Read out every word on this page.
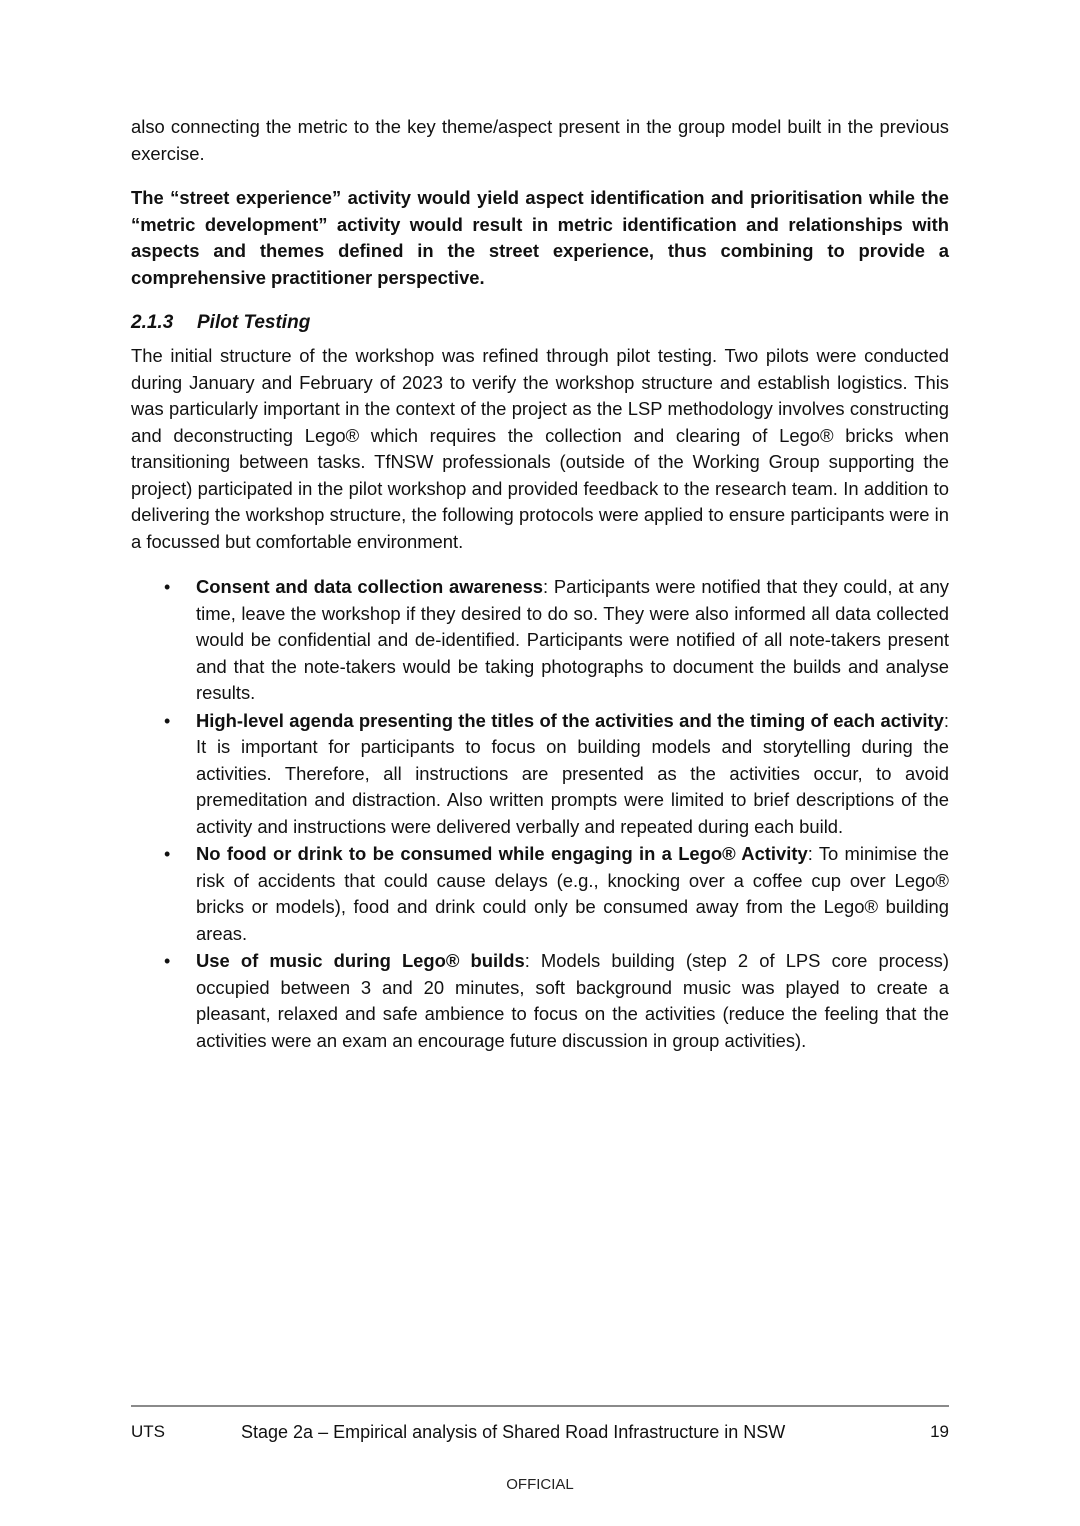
also connecting the metric to the key theme/aspect present in the group model built in the previous exercise.

The “street experience” activity would yield aspect identification and prioritisation while the “metric development” activity would result in metric identification and relationships with aspects and themes defined in the street experience, thus combining to provide a comprehensive practitioner perspective.

2.1.3 Pilot Testing

The initial structure of the workshop was refined through pilot testing. Two pilots were conducted during January and February of 2023 to verify the workshop structure and establish logistics. This was particularly important in the context of the project as the LSP methodology involves constructing and deconstructing Lego® which requires the collection and clearing of Lego® bricks when transitioning between tasks. TfNSW professionals (outside of the Working Group supporting the project) participated in the pilot workshop and provided feedback to the research team. In addition to delivering the workshop structure, the following protocols were applied to ensure participants were in a focussed but comfortable environment.

• Consent and data collection awareness: Participants were notified that they could, at any time, leave the workshop if they desired to do so. They were also informed all data collected would be confidential and de-identified. Participants were notified of all note-takers present and that the note-takers would be taking photographs to document the builds and analyse results.
• High-level agenda presenting the titles of the activities and the timing of each activity: It is important for participants to focus on building models and storytelling during the activities. Therefore, all instructions are presented as the activities occur, to avoid premeditation and distraction. Also written prompts were limited to brief descriptions of the activity and instructions were delivered verbally and repeated during each build.
• No food or drink to be consumed while engaging in a Lego® Activity: To minimise the risk of accidents that could cause delays (e.g., knocking over a coffee cup over Lego® bricks or models), food and drink could only be consumed away from the Lego® building areas.
• Use of music during Lego® builds: Models building (step 2 of LPS core process) occupied between 3 and 20 minutes, soft background music was played to create a pleasant, relaxed and safe ambience to focus on the activities (reduce the feeling that the activities were an exam an encourage future discussion in group activities).
UTS	Stage 2a – Empirical analysis of Shared Road Infrastructure in NSW	19
OFFICIAL
